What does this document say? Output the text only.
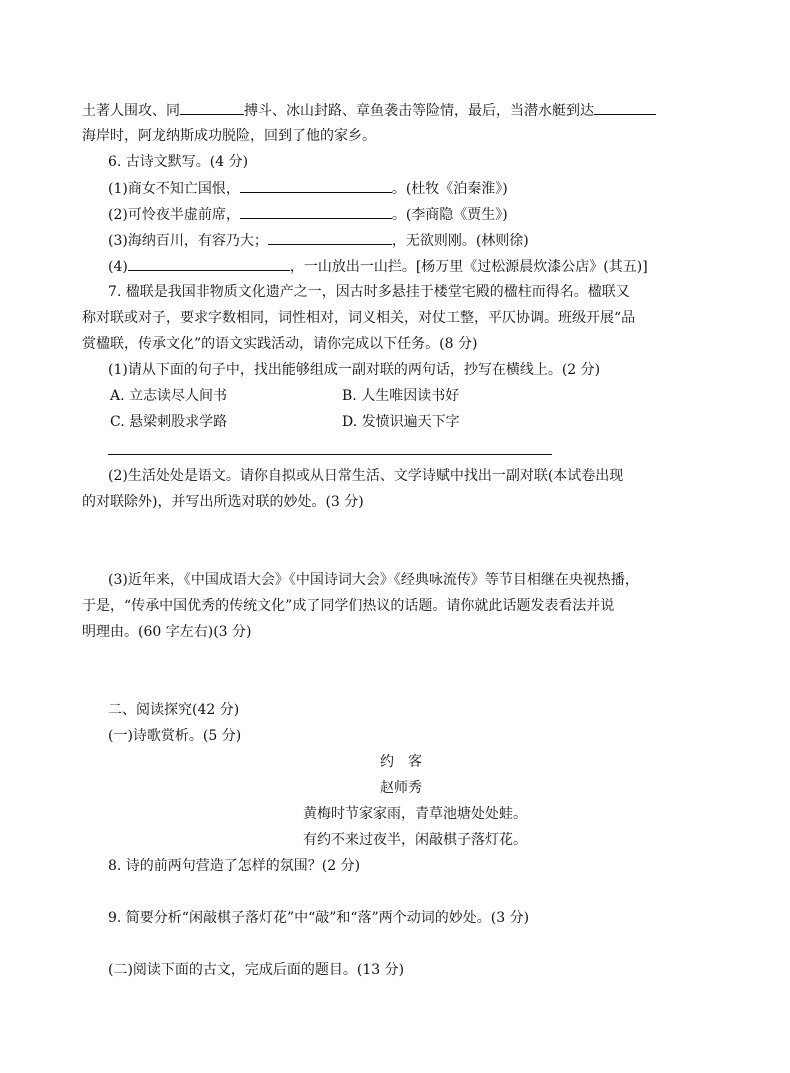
土著人围攻、同	搏斗、冰山封路、章鱼袭击等险情，最后，当潜水艇到达
海岸时，阿龙纳斯成功脱险，回到了他的家乡。
6. 古诗文默写。(4 分)
(1)商女不知亡国恨，	。(杜牧《泊秦淮》)
(2)可怜夜半虚前席，	。(李商隐《贾生》)
(3)海纳百川，有容乃大；	，无欲则刚。(林则徐)
(4)	，一山放出一山拦。[杨万里《过松源晨炊漆公店》(其五)]
7. 楹联是我国非物质文化遗产之一，因古时多悬挂于楼堂宅殿的楹柱而得名。楹联又
称对联或对子，要求字数相同，词性相对，词义相关，对仗工整，平仄协调。班级开展“品
赏楹联，传承文化”的语文实践活动，请你完成以下任务。(8 分)
(1)请从下面的句子中，找出能够组成一副对联的两句话，抄写在横线上。(2 分)
A. 立志读尽人间书	B. 人生唯因读书好
C. 悬梁刺股求学路	D. 发愤识遍天下字
(2)生活处处是语文。请你自拟或从日常生活、文学诗赋中找出一副对联(本试卷出现
的对联除外)，并写出所选对联的妙处。(3 分)
(3)近年来，《中国成语大会》《中国诗词大会》《经典咏流传》等节目相继在央视热播，
于是，“传承中国优秀的传统文化”成了同学们热议的话题。请你就此话题发表看法并说
明理由。(60 字左右)(3 分)
二、阅读探究(42 分)
(一)诗歌赏析。(5 分)
约　客
赵师秀
黄梅时节家家雨，青草池塘处处蛙。
有约不来过夜半，闲敲棋子落灯花。
8. 诗的前两句营造了怎样的氛围？(2 分)
9. 简要分析“闲敲棋子落灯花”中“敲”和“落”两个动词的妙处。(3 分)
(二)阅读下面的古文，完成后面的题目。(13 分)
